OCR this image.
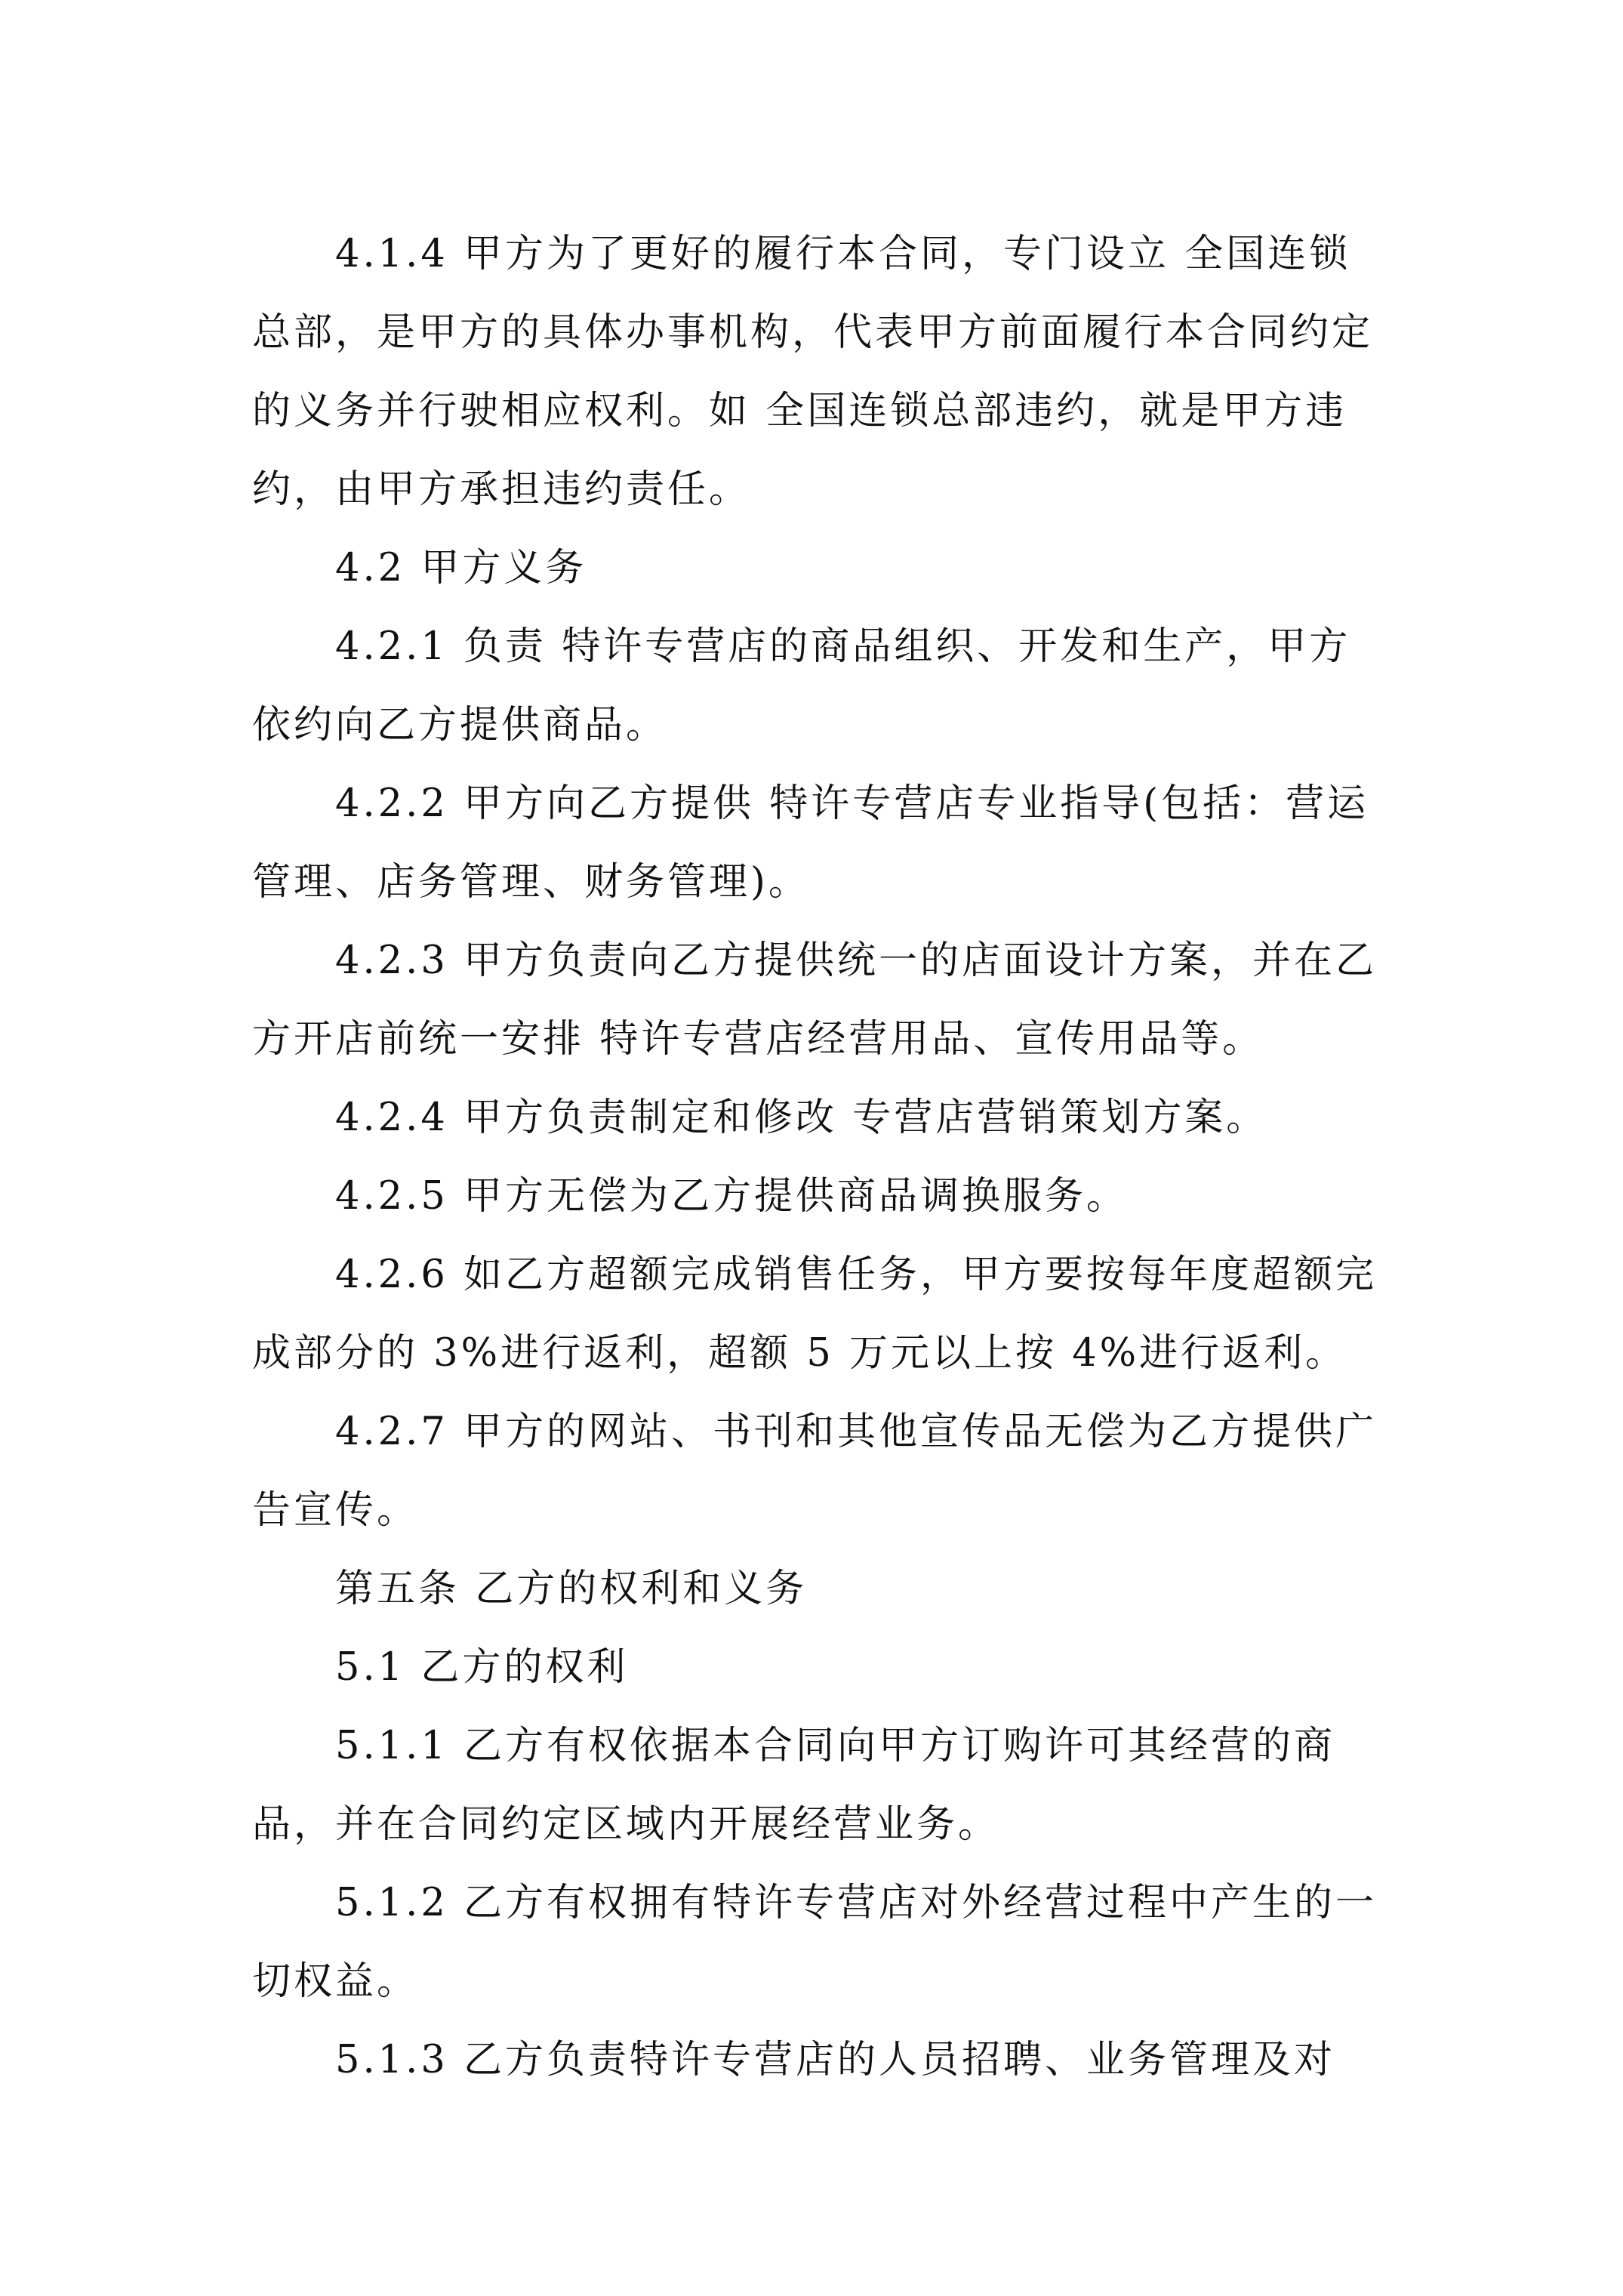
4.1.4 甲方为了更好的履行本合同，专门设立 全国连锁总部，是甲方的具体办事机构，代表甲方前面履行本合同约定的义务并行驶相应权利。如 全国连锁总部违约，就是甲方违约，由甲方承担违约责任。

4.2 甲方义务

4.2.1 负责 特许专营店的商品组织、开发和生产，甲方依约向乙方提供商品。

4.2.2 甲方向乙方提供 特许专营店专业指导(包括：营运管理、店务管理、财务管理)。

4.2.3 甲方负责向乙方提供统一的店面设计方案，并在乙方开店前统一安排 特许专营店经营用品、宣传用品等。

4.2.4 甲方负责制定和修改 专营店营销策划方案。

4.2.5 甲方无偿为乙方提供商品调换服务。

4.2.6 如乙方超额完成销售任务，甲方要按每年度超额完成部分的 3%进行返利，超额 5 万元以上按 4%进行返利。

4.2.7 甲方的网站、书刊和其他宣传品无偿为乙方提供广告宣传。

第五条 乙方的权利和义务

5.1 乙方的权利

5.1.1 乙方有权依据本合同向甲方订购许可其经营的商品，并在合同约定区域内开展经营业务。

5.1.2 乙方有权拥有特许专营店对外经营过程中产生的一切权益。

5.1.3 乙方负责特许专营店的人员招聘、业务管理及对
